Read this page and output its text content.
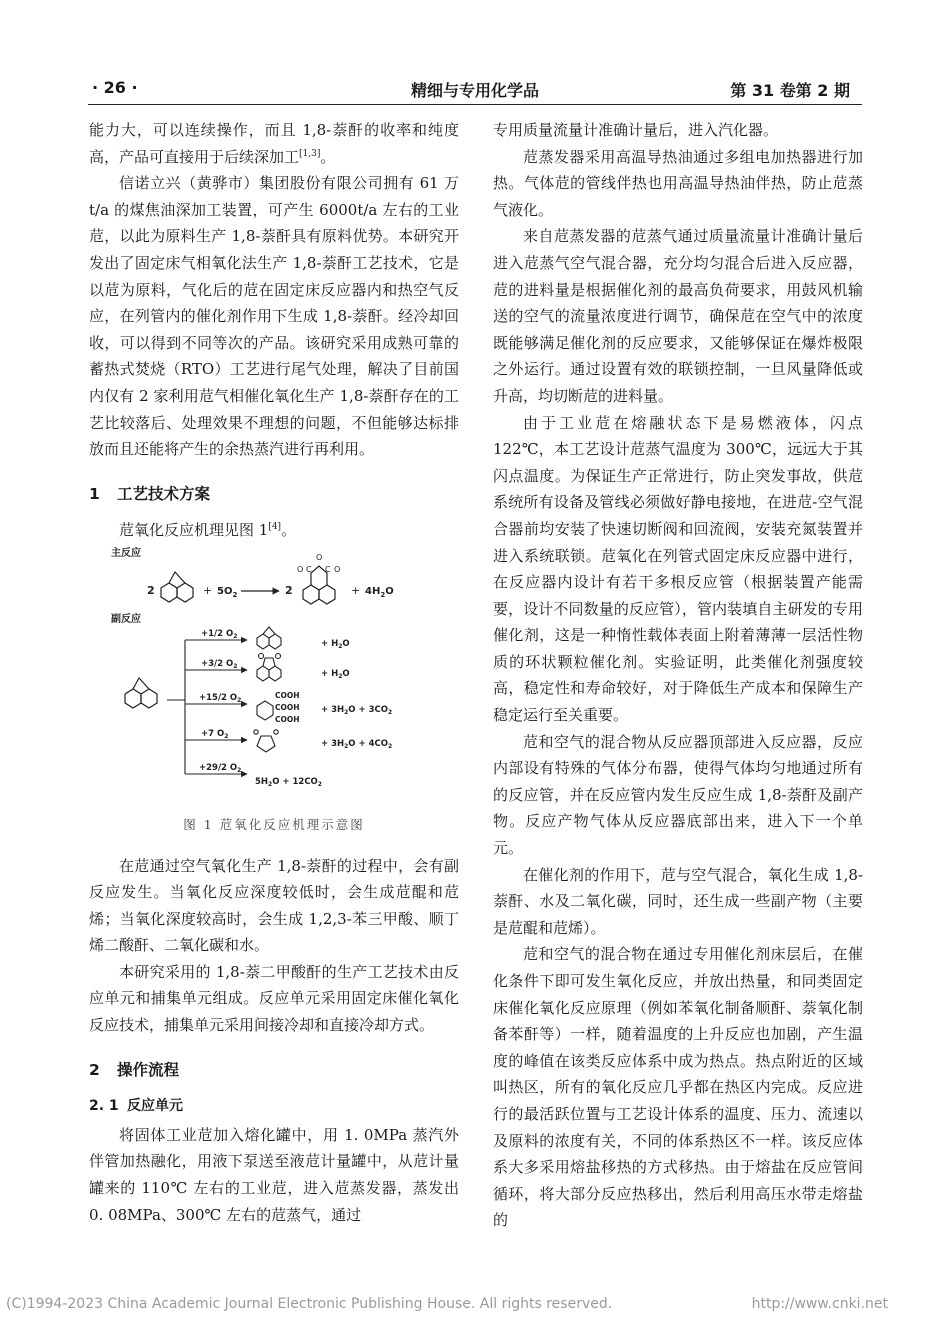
· 26 ·	精细与专用化学品	第 31 卷第 2 期

能力大，可以连续操作，而且 1,8-萘酐的收率和纯度高，产品可直接用于后续深加工[1,3]。

信诺立兴（黄骅市）集团股份有限公司拥有 61 万 t/a 的煤焦油深加工装置，可产生 6000t/a 左右的工业苊，以此为原料生产 1,8-萘酐具有原料优势。本研究开发出了固定床气相氧化法生产 1,8-萘酐工艺技术，它是以苊为原料，气化后的苊在固定床反应器内和热空气反应，在列管内的催化剂作用下生成 1,8-萘酐。经冷却回收，可以得到不同等次的产品。该研究采用成熟可靠的蓄热式焚烧（RTO）工艺进行尾气处理，解决了目前国内仅有 2 家利用苊气相催化氧化生产 1,8-萘酐存在的工艺比较落后、处理效果不理想的问题，不但能够达标排放而且还能将产生的余热蒸汽进行再利用。

1 工艺技术方案

苊氧化反应机理见图 1[4]。

主反应
副反应
2	+ $5O_2$	2
O C
O
C O
+ $4H_2O$
+1/2 $O_2$
+3/2 $O_2$
+15/2 $O_2$
+7 $O_2$
+29/2 $O_2$
COOH
COOH
COOH
+ $H_2O$
+ $H_2O$
+ $3H_2O + 3CO_2$
+ $3H_2O + 4CO_2$
$5H_2O + 12CO_2$
图 1 苊氧化反应机理示意图

在苊通过空气氧化生产 1,8-萘酐的过程中，会有副反应发生。当氧化反应深度较低时，会生成苊醌和苊烯；当氧化深度较高时，会生成 1,2,3-苯三甲酸、顺丁烯二酸酐、二氧化碳和水。

本研究采用的 1,8-萘二甲酸酐的生产工艺技术由反应单元和捕集单元组成。反应单元采用固定床催化氧化反应技术，捕集单元采用间接冷却和直接冷却方式。

2 操作流程
2. 1 反应单元

将固体工业苊加入熔化罐中，用 1. 0MPa 蒸汽外伴管加热融化，用液下泵送至液苊计量罐中，从苊计量罐来的 110℃ 左右的工业苊，进入苊蒸发器，蒸发出 0. 08MPa、300℃ 左右的苊蒸气，通过

专用质量流量计准确计量后，进入汽化器。

苊蒸发器采用高温导热油通过多组电加热器进行加热。气体苊的管线伴热也用高温导热油伴热，防止苊蒸气液化。

来自苊蒸发器的苊蒸气通过质量流量计准确计量后进入苊蒸气空气混合器，充分均匀混合后进入反应器，苊的进料量是根据催化剂的最高负荷要求，用鼓风机输送的空气的流量浓度进行调节，确保苊在空气中的浓度既能够满足催化剂的反应要求，又能够保证在爆炸极限之外运行。通过设置有效的联锁控制，一旦风量降低或升高，均切断苊的进料量。

由于工业苊在熔融状态下是易燃液体，闪点 122℃，本工艺设计苊蒸气温度为 300℃，远远大于其闪点温度。为保证生产正常进行，防止突发事故，供苊系统所有设备及管线必须做好静电接地，在进苊-空气混合器前均安装了快速切断阀和回流阀，安装充氮装置并进入系统联锁。苊氧化在列管式固定床反应器中进行，在反应器内设计有若干多根反应管（根据装置产能需要，设计不同数量的反应管），管内装填自主研发的专用催化剂，这是一种惰性载体表面上附着薄薄一层活性物质的环状颗粒催化剂。实验证明，此类催化剂强度较高，稳定性和寿命较好，对于降低生产成本和保障生产稳定运行至关重要。

苊和空气的混合物从反应器顶部进入反应器，反应内部设有特殊的气体分布器，使得气体均匀地通过所有的反应管，并在反应管内发生反应生成 1,8-萘酐及副产物。反应产物气体从反应器底部出来，进入下一个单元。

在催化剂的作用下，苊与空气混合，氧化生成 1,8-萘酐、水及二氧化碳，同时，还生成一些副产物（主要是苊醌和苊烯）。

苊和空气的混合物在通过专用催化剂床层后，在催化条件下即可发生氧化反应，并放出热量，和同类固定床催化氧化反应原理（例如苯氧化制备顺酐、萘氧化制备苯酐等）一样，随着温度的上升反应也加剧，产生温度的峰值在该类反应体系中成为热点。热点附近的区域叫热区，所有的氧化反应几乎都在热区内完成。反应进行的最活跃位置与工艺设计体系的温度、压力、流速以及原料的浓度有关，不同的体系热区不一样。该反应体系大多采用熔盐移热的方式移热。由于熔盐在反应管间循环，将大部分反应热移出，然后利用高压水带走熔盐的

(C)1994-2023 China Academic Journal Electronic Publishing House. All rights reserved.	http://www.cnki.net
